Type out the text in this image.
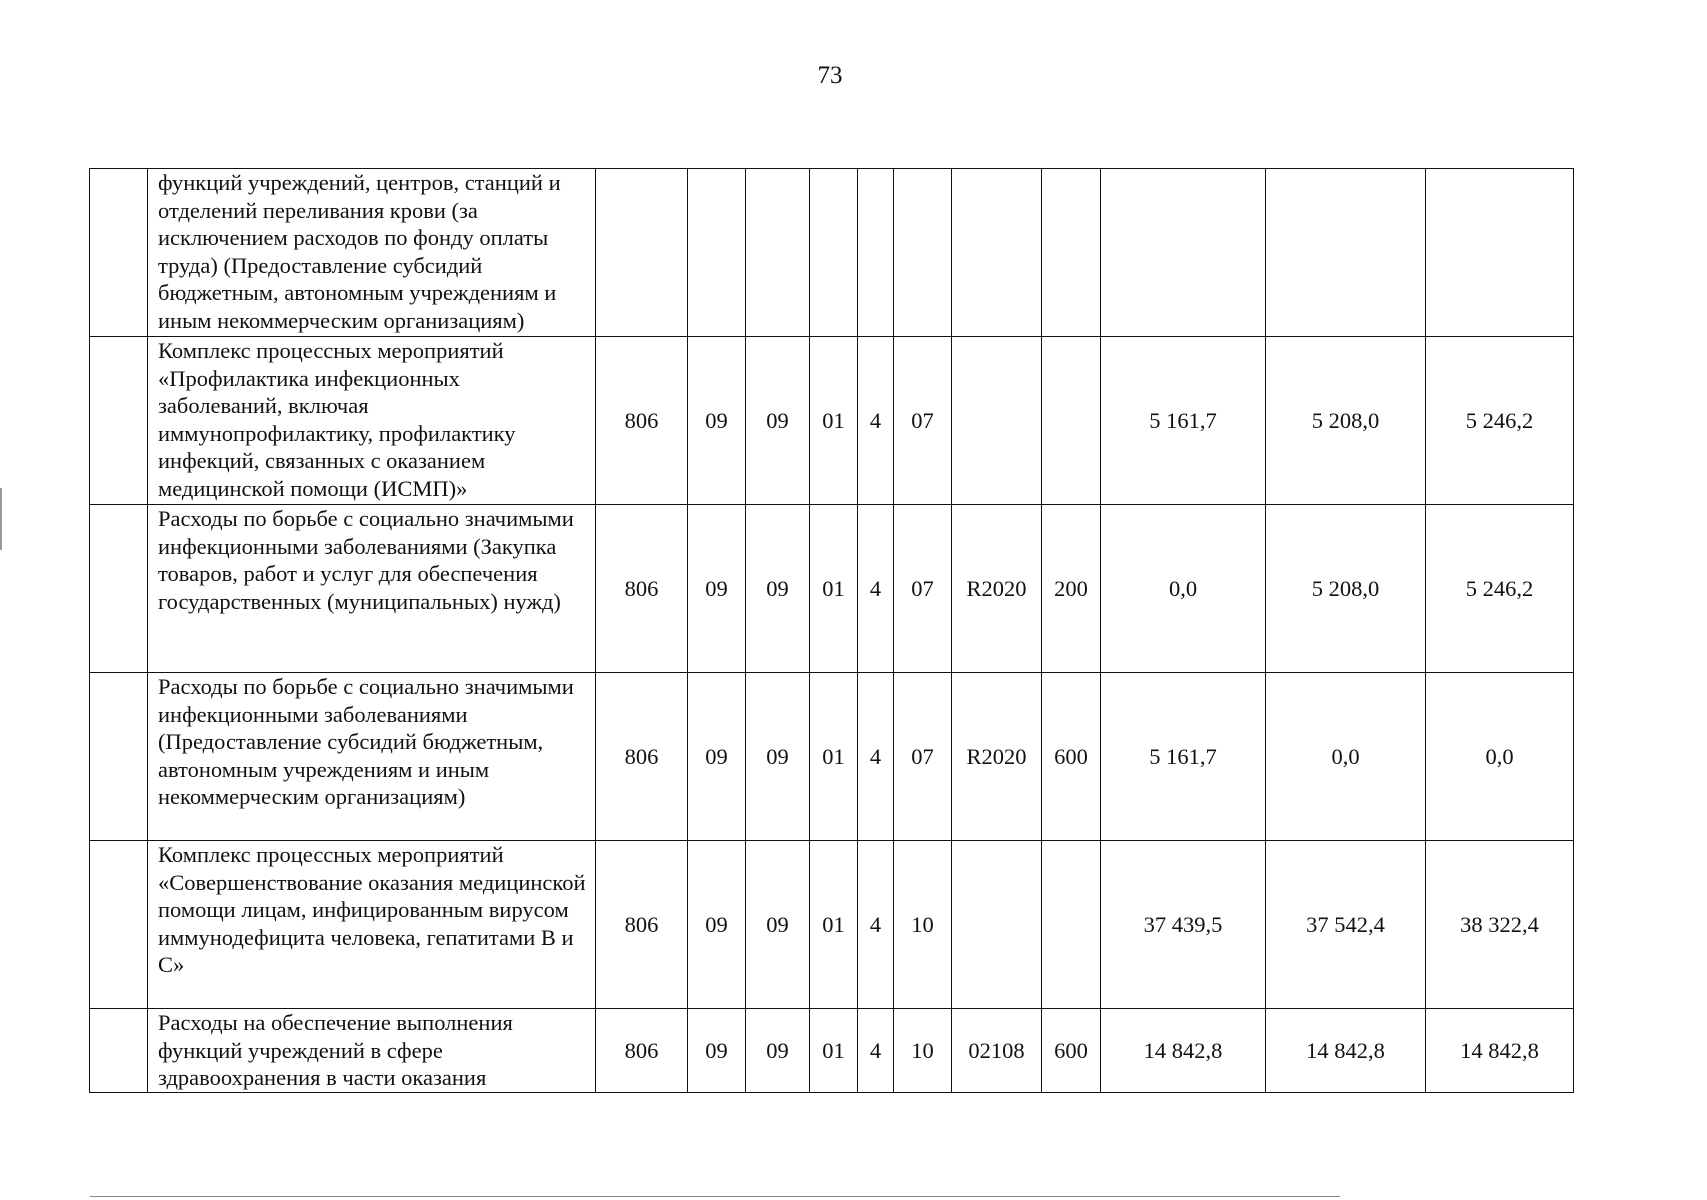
73
	функций учреждений, центров, станций и отделений переливания крови (за исключением расходов по фонду оплаты труда) (Предоставление субсидий бюджетным, автономным учреждениям и иным некоммерческим организациям)											
	Комплекс процессных мероприятий «Профилактика инфекционных заболеваний, включая иммунопрофилактику, профилактику инфекций, связанных с оказанием медицинской помощи (ИСМП)»	806	09	09	01	4	07			5 161,7	5 208,0	5 246,2
	Расходы по борьбе с социально значимыми инфекционными заболеваниями (Закупка товаров, работ и услуг для обеспечения государственных (муниципальных) нужд)	806	09	09	01	4	07	R2020	200	0,0	5 208,0	5 246,2
	Расходы по борьбе с социально значимыми инфекционными заболеваниями (Предоставление субсидий бюджетным, автономным учреждениям и иным некоммерческим организациям)	806	09	09	01	4	07	R2020	600	5 161,7	0,0	0,0
	Комплекс процессных мероприятий «Совершенствование оказания медицинской помощи лицам, инфицированным вирусом иммунодефицита человека, гепатитами В и С»	806	09	09	01	4	10			37 439,5	37 542,4	38 322,4
	Расходы на обеспечение выполнения функций учреждений в сфере здравоохранения в части оказания	806	09	09	01	4	10	02108	600	14 842,8	14 842,8	14 842,8
